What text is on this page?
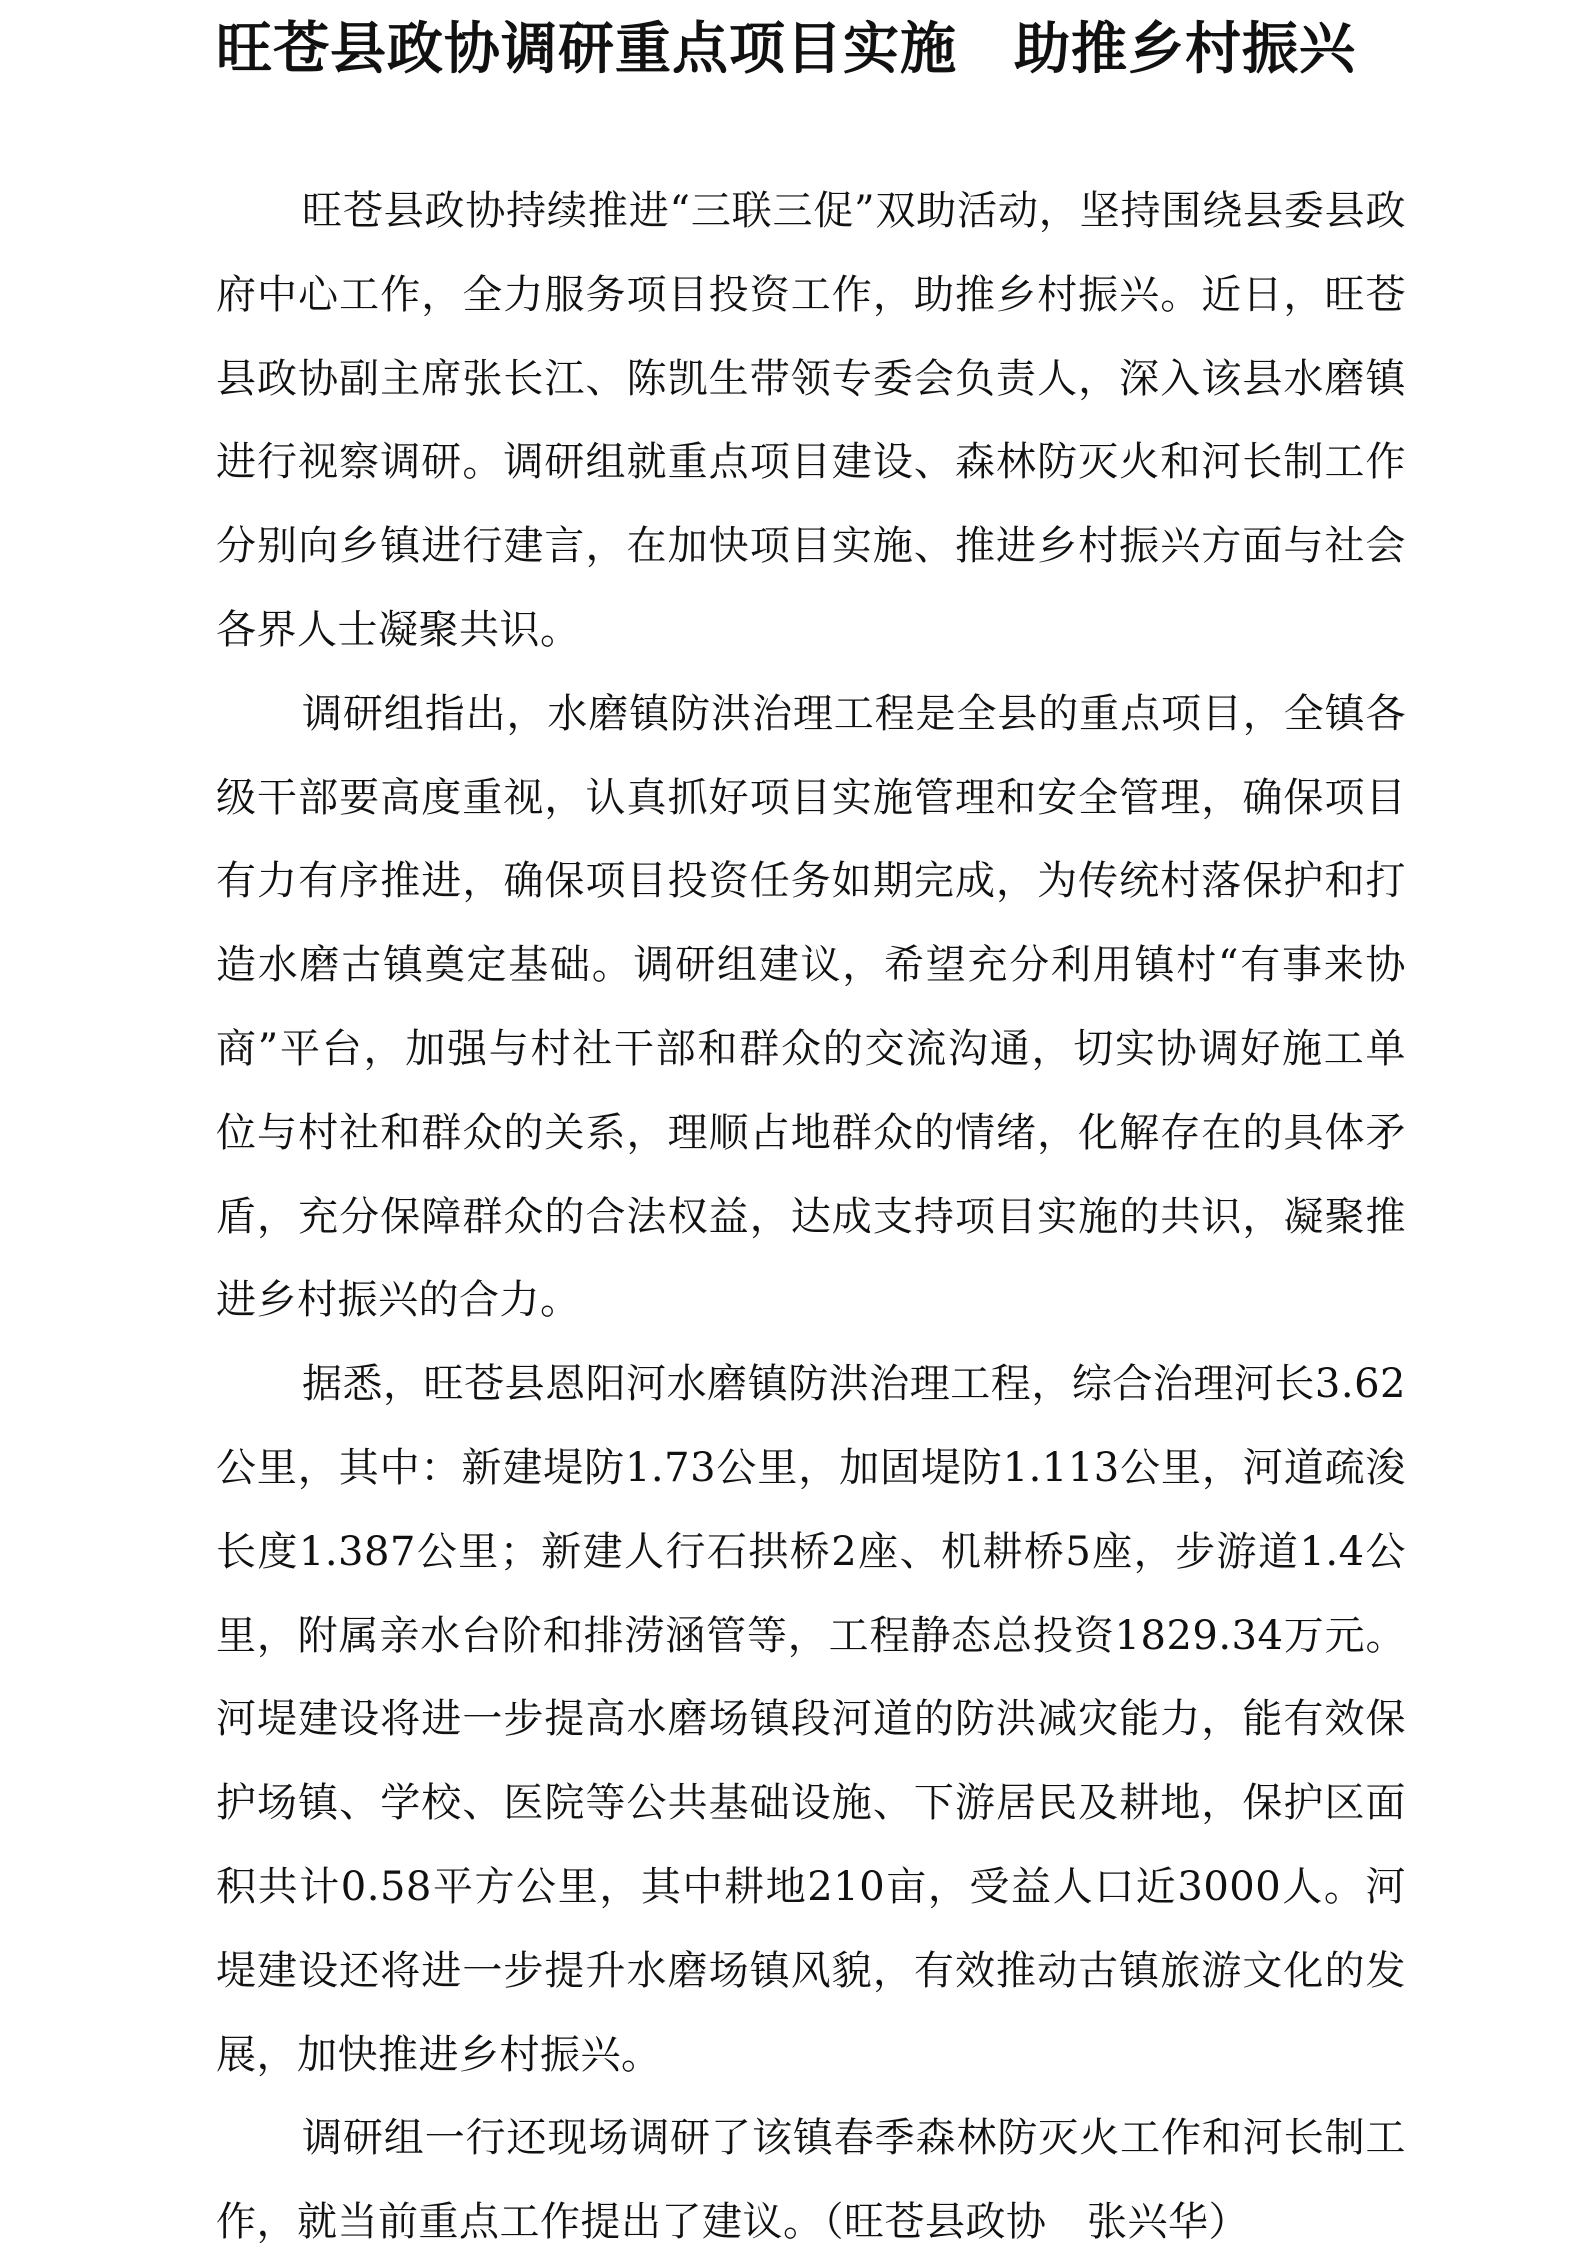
旺苍县政协调研重点项目实施　助推乡村振兴

旺苍县政协持续推进“三联三促”双助活动，坚持围绕县委县政府中心工作，全力服务项目投资工作，助推乡村振兴。近日，旺苍县政协副主席张长江、陈凯生带领专委会负责人，深入该县水磨镇进行视察调研。调研组就重点项目建设、森林防灭火和河长制工作分别向乡镇进行建言，在加快项目实施、推进乡村振兴方面与社会各界人士凝聚共识。

调研组指出，水磨镇防洪治理工程是全县的重点项目，全镇各级干部要高度重视，认真抓好项目实施管理和安全管理，确保项目有力有序推进，确保项目投资任务如期完成，为传统村落保护和打造水磨古镇奠定基础。调研组建议，希望充分利用镇村“有事来协商”平台，加强与村社干部和群众的交流沟通，切实协调好施工单位与村社和群众的关系，理顺占地群众的情绪，化解存在的具体矛盾，充分保障群众的合法权益，达成支持项目实施的共识，凝聚推进乡村振兴的合力。

据悉，旺苍县恩阳河水磨镇防洪治理工程，综合治理河长3.62公里，其中：新建堤防1.73公里，加固堤防1.113公里，河道疏浚长度1.387公里；新建人行石拱桥2座、机耕桥5座，步游道1.4公里，附属亲水台阶和排涝涵管等，工程静态总投资1829.34万元。河堤建设将进一步提高水磨场镇段河道的防洪减灾能力，能有效保护场镇、学校、医院等公共基础设施、下游居民及耕地，保护区面积共计0.58平方公里，其中耕地210亩，受益人口近3000人。河堤建设还将进一步提升水磨场镇风貌，有效推动古镇旅游文化的发展，加快推进乡村振兴。

调研组一行还现场调研了该镇春季森林防灭火工作和河长制工作，就当前重点工作提出了建议。（旺苍县政协　张兴华）
